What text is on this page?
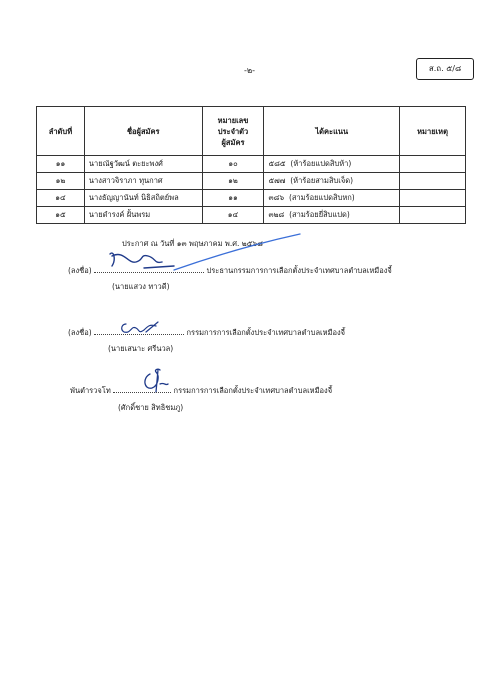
-๒-	ส.ถ. ๕/๘
ลำดับที่	ชื่อผู้สมัคร	หมายเลข
ประจำตัว
ผู้สมัคร	ได้คะแนน	หมายเหตุ
๑๑	นายณัฐวัฒน์ ตะยะพงศ์	๑๐	๕๘๕ (ห้าร้อยแปดสิบห้า)	
๑๒	นางสาวจิราภา ทุนกาศ	๑๒	๕๗๗ (ห้าร้อยสามสิบเจ็ด)	
๑๔	นางธัญญานันท์ นิธิสถิตย์พล	๑๑	๓๘๖ (สามร้อยแปดสิบหก)	
๑๕	นายดำรงค์ ฝั้นพรม	๑๔	๓๒๘ (สามร้อยยี่สิบแปด)	
ประกาศ ณ วันที่ ๑๓ พฤษภาคม พ.ศ. ๒๕๖๘
(ลงชื่อ)	ประธานกรรมการการเลือกตั้งประจำเทศบาลตำบลเหมืองจี้
(นายแสวง ทาวดี)
(ลงชื่อ)	กรรมการการเลือกตั้งประจำเทศบาลตำบลเหมืองจี้
(นายเสนาะ ศรีนวล)
พันตำรวจโท	กรรมการการเลือกตั้งประจำเทศบาลตำบลเหมืองจี้
(ศักดิ์ชาย สิทธิชมภู)
